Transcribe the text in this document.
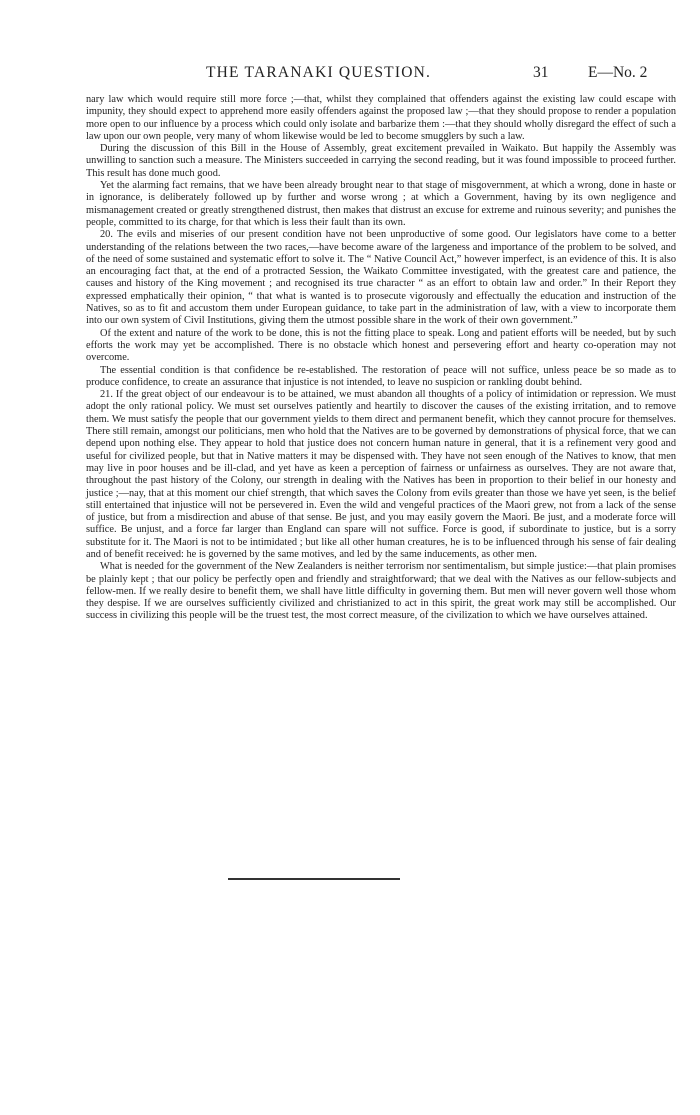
THE TARANAKI QUESTION.	31	E—No. 2

nary law which would require still more force ;—that, whilst they complained that offenders against the existing law could escape with impunity, they should expect to apprehend more easily offenders against the proposed law ;—that they should propose to render a population more open to our influence by a process which could only isolate and barbarize them :—that they should wholly disregard the effect of such a law upon our own people, very many of whom likewise would be led to become smugglers by such a law.

During the discussion of this Bill in the House of Assembly, great excitement prevailed in Waikato. But happily the Assembly was unwilling to sanction such a measure. The Ministers succeeded in carrying the second reading, but it was found impossible to proceed further. This result has done much good.

Yet the alarming fact remains, that we have been already brought near to that stage of misgovernment, at which a wrong, done in haste or in ignorance, is deliberately followed up by further and worse wrong ; at which a Government, having by its own negligence and mismanagement created or greatly strengthened distrust, then makes that distrust an excuse for extreme and ruinous severity; and punishes the people, committed to its charge, for that which is less their fault than its own.

20. The evils and miseries of our present condition have not been unproductive of some good. Our legislators have come to a better understanding of the relations between the two races,—have become aware of the largeness and importance of the problem to be solved, and of the need of some sustained and systematic effort to solve it. The “ Native Council Act,” however imperfect, is an evidence of this. It is also an encouraging fact that, at the end of a protracted Session, the Waikato Committee investigated, with the greatest care and patience, the causes and history of the King movement ; and recognised its true character “ as an effort to obtain law and order.” In their Report they expressed emphatically their opinion, “ that what is wanted is to prosecute vigorously and effectually the education and instruction of the Natives, so as to fit and accustom them under European guidance, to take part in the administration of law, with a view to incorporate them into our own system of Civil Institutions, giving them the utmost possible share in the work of their own government.”

Of the extent and nature of the work to be done, this is not the fitting place to speak. Long and patient efforts will be needed, but by such efforts the work may yet be accomplished. There is no obstacle which honest and persevering effort and hearty co-operation may not overcome.

The essential condition is that confidence be re-established. The restoration of peace will not suffice, unless peace be so made as to produce confidence, to create an assurance that injustice is not intended, to leave no suspicion or rankling doubt behind.

21. If the great object of our endeavour is to be attained, we must abandon all thoughts of a policy of intimidation or repression. We must adopt the only rational policy. We must set ourselves patiently and heartily to discover the causes of the existing irritation, and to remove them. We must satisfy the people that our government yields to them direct and permanent benefit, which they cannot procure for themselves. There still remain, amongst our politicians, men who hold that the Natives are to be governed by demonstrations of physical force, that we can depend upon nothing else. They appear to hold that justice does not concern human nature in general, that it is a refinement very good and useful for civilized people, but that in Native matters it may be dispensed with. They have not seen enough of the Natives to know, that men may live in poor houses and be ill-clad, and yet have as keen a perception of fairness or unfairness as ourselves. They are not aware that, throughout the past history of the Colony, our strength in dealing with the Natives has been in proportion to their belief in our honesty and justice ;—nay, that at this moment our chief strength, that which saves the Colony from evils greater than those we have yet seen, is the belief still entertained that injustice will not be persevered in. Even the wild and vengeful practices of the Maori grew, not from a lack of the sense of justice, but from a misdirection and abuse of that sense. Be just, and you may easily govern the Maori. Be just, and a moderate force will suffice. Be unjust, and a force far larger than England can spare will not suffice. Force is good, if subordinate to justice, but is a sorry substitute for it. The Maori is not to be intimidated ; but like all other human creatures, he is to be influenced through his sense of fair dealing and of benefit received: he is governed by the same motives, and led by the same inducements, as other men.

What is needed for the government of the New Zealanders is neither terrorism nor sentimentalism, but simple justice:—that plain promises be plainly kept ; that our policy be perfectly open and friendly and straightforward; that we deal with the Natives as our fellow-subjects and fellow-men. If we really desire to benefit them, we shall have little difficulty in governing them. But men will never govern well those whom they despise. If we are ourselves sufficiently civilized and christianized to act in this spirit, the great work may still be accomplished. Our success in civilizing this people will be the truest test, the most correct measure, of the civilization to which we have ourselves attained.
